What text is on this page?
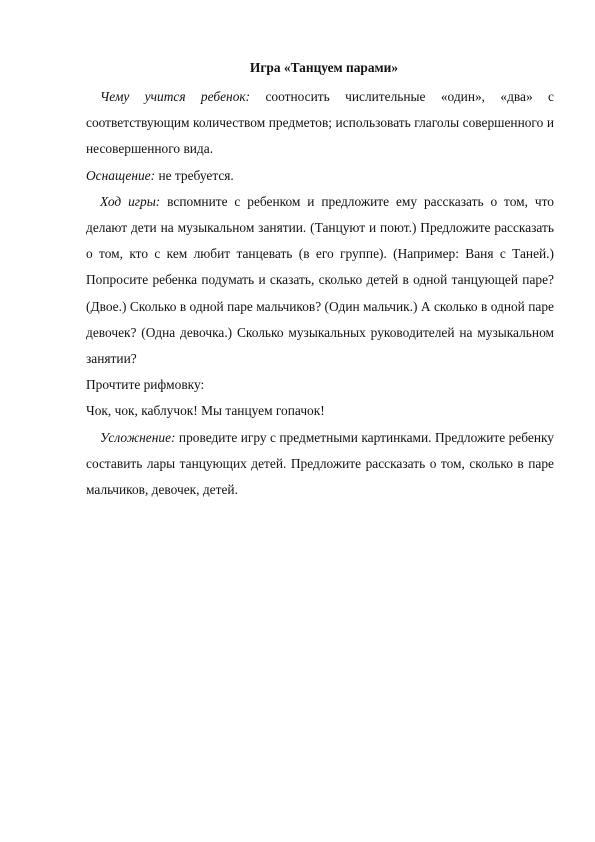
Игра «Танцуем парами»

Чему учится ребенок: соотносить числительные «один», «два» с соответствующим количеством предметов; использовать глаголы совершенного и несовершенного вида.

Оснащение: не требуется.

Ход игры: вспомните с ребенком и предложите ему рассказать о том, что делают дети на музыкальном занятии. (Танцуют и поют.) Предложите рассказать о том, кто с кем любит танцевать (в его группе). (Например: Ваня с Таней.) Попросите ребенка подумать и сказать, сколько детей в одной танцующей паре? (Двое.) Сколько в одной паре мальчиков? (Один мальчик.) А сколько в одной паре девочек? (Одна девочка.) Сколько музыкальных руководителей на музыкальном занятии?

Прочтите рифмовку:

Чок, чок, каблучок! Мы танцуем гопачок!

Усложнение: проведите игру с предметными картинками. Предложите ребенку составить лары танцующих детей. Предложите рассказать о том, сколько в паре мальчиков, девочек, детей.
